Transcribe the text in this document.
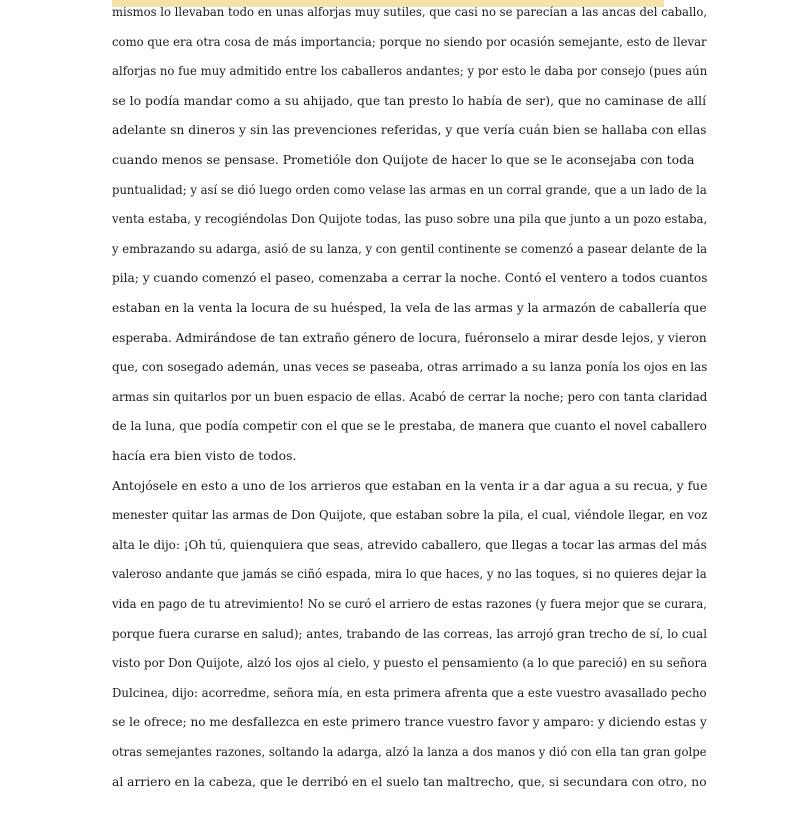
mismos lo llevaban todo en unas alforjas muy sutiles, que casi no se parecían a las ancas del caballo,
como que era otra cosa de más importancia; porque no siendo por ocasión semejante, esto de llevar
alforjas no fue muy admitido entre los caballeros andantes; y por esto le daba por consejo (pues aún
se lo podía mandar como a su ahijado, que tan presto lo había de ser), que no caminase de allí
adelante sn dineros y sin las prevenciones referidas, y que vería cuán bien se hallaba con ellas
cuando menos se pensase. Prometióle don Quijote de hacer lo que se le aconsejaba con toda
puntualidad; y así se dió luego orden como velase las armas en un corral grande, que a un lado de la
venta estaba, y recogiéndolas Don Quijote todas, las puso sobre una pila que junto a un pozo estaba,
y embrazando su adarga, asió de su lanza, y con gentil continente se comenzó a pasear delante de la
pila; y cuando comenzó el paseo, comenzaba a cerrar la noche. Contó el ventero a todos cuantos
estaban en la venta la locura de su huésped, la vela de las armas y la armazón de caballería que
esperaba. Admirándose de tan extraño género de locura, fuéronselo a mirar desde lejos, y vieron
que, con sosegado ademán, unas veces se paseaba, otras arrimado a su lanza ponía los ojos en las
armas sin quitarlos por un buen espacio de ellas. Acabó de cerrar la noche; pero con tanta claridad
de la luna, que podía competir con el que se le prestaba, de manera que cuanto el novel caballero
hacía era bien visto de todos.
Antojósele en esto a uno de los arrieros que estaban en la venta ir a dar agua a su recua, y fue
menester quitar las armas de Don Quijote, que estaban sobre la pila, el cual, viéndole llegar, en voz
alta le dijo: ¡Oh tú, quienquiera que seas, atrevido caballero, que llegas a tocar las armas del más
valeroso andante que jamás se ciñó espada, mira lo que haces, y no las toques, si no quieres dejar la
vida en pago de tu atrevimiento! No se curó el arriero de estas razones (y fuera mejor que se curara,
porque fuera curarse en salud); antes, trabando de las correas, las arrojó gran trecho de sí, lo cual
visto por Don Quijote, alzó los ojos al cielo, y puesto el pensamiento (a lo que pareció) en su señora
Dulcinea, dijo: acorredme, señora mía, en esta primera afrenta que a este vuestro avasallado pecho
se le ofrece; no me desfallezca en este primero trance vuestro favor y amparo: y diciendo estas y
otras semejantes razones, soltando la adarga, alzó la lanza a dos manos y dió con ella tan gran golpe
al arriero en la cabeza, que le derribó en el suelo tan maltrecho, que, si secundara con otro, no
